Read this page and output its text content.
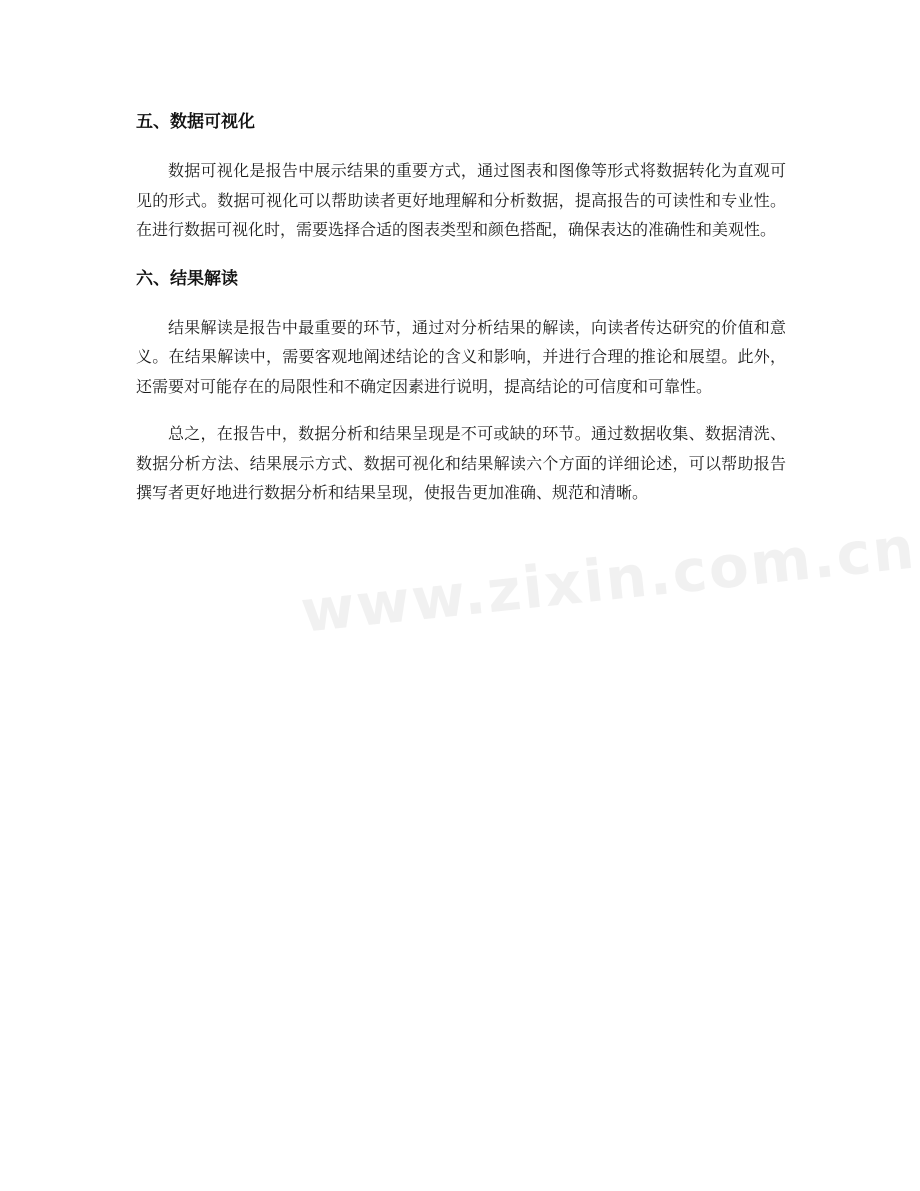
五、数据可视化

数据可视化是报告中展示结果的重要方式，通过图表和图像等形式将数据转化为直观可见的形式。数据可视化可以帮助读者更好地理解和分析数据，提高报告的可读性和专业性。在进行数据可视化时，需要选择合适的图表类型和颜色搭配，确保表达的准确性和美观性。

六、结果解读

结果解读是报告中最重要的环节，通过对分析结果的解读，向读者传达研究的价值和意义。在结果解读中，需要客观地阐述结论的含义和影响，并进行合理的推论和展望。此外，还需要对可能存在的局限性和不确定因素进行说明，提高结论的可信度和可靠性。

总之，在报告中，数据分析和结果呈现是不可或缺的环节。通过数据收集、数据清洗、数据分析方法、结果展示方式、数据可视化和结果解读六个方面的详细论述，可以帮助报告撰写者更好地进行数据分析和结果呈现，使报告更加准确、规范和清晰。

www.zixin.com.cn
